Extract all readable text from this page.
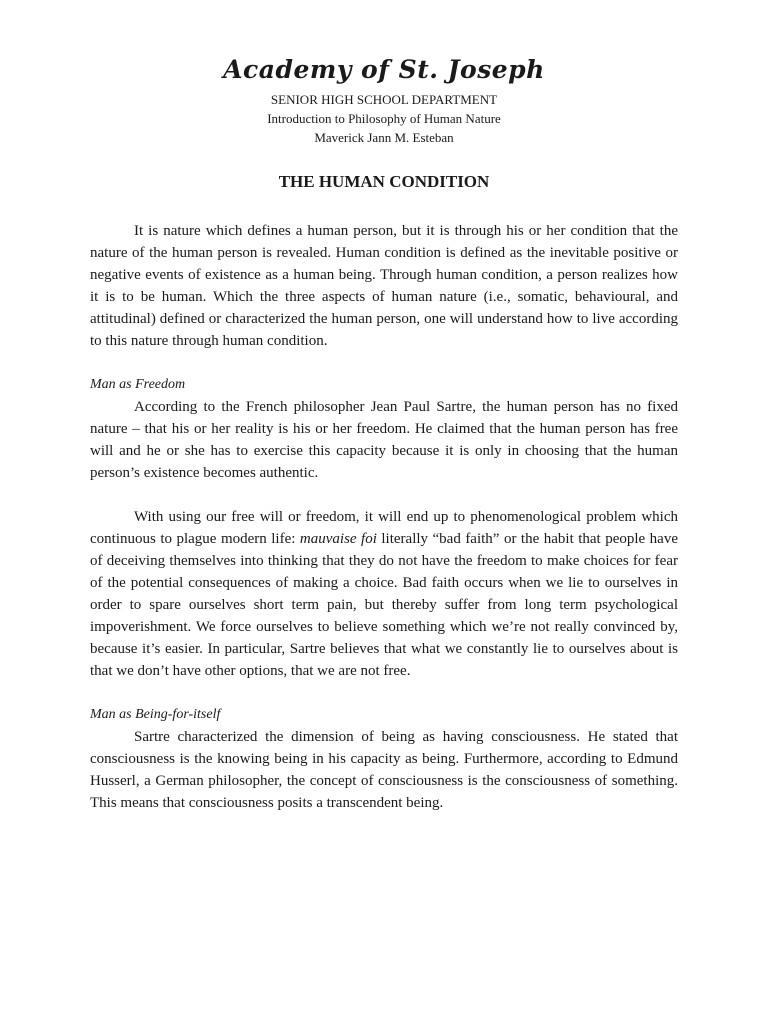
Academy of St. Joseph

SENIOR HIGH SCHOOL DEPARTMENT

Introduction to Philosophy of Human Nature

Maverick Jann M. Esteban

THE HUMAN CONDITION

It is nature which defines a human person, but it is through his or her condition that the nature of the human person is revealed. Human condition is defined as the inevitable positive or negative events of existence as a human being. Through human condition, a person realizes how it is to be human. Which the three aspects of human nature (i.e., somatic, behavioural, and attitudinal) defined or characterized the human person, one will understand how to live according to this nature through human condition.

Man as Freedom

According to the French philosopher Jean Paul Sartre, the human person has no fixed nature – that his or her reality is his or her freedom. He claimed that the human person has free will and he or she has to exercise this capacity because it is only in choosing that the human person’s existence becomes authentic.

With using our free will or freedom, it will end up to phenomenological problem which continuous to plague modern life: mauvaise foi literally “bad faith” or the habit that people have of deceiving themselves into thinking that they do not have the freedom to make choices for fear of the potential consequences of making a choice. Bad faith occurs when we lie to ourselves in order to spare ourselves short term pain, but thereby suffer from long term psychological impoverishment. We force ourselves to believe something which we’re not really convinced by, because it’s easier. In particular, Sartre believes that what we constantly lie to ourselves about is that we don’t have other options, that we are not free.

Man as Being-for-itself

Sartre characterized the dimension of being as having consciousness. He stated that consciousness is the knowing being in his capacity as being. Furthermore, according to Edmund Husserl, a German philosopher, the concept of consciousness is the consciousness of something. This means that consciousness posits a transcendent being.
